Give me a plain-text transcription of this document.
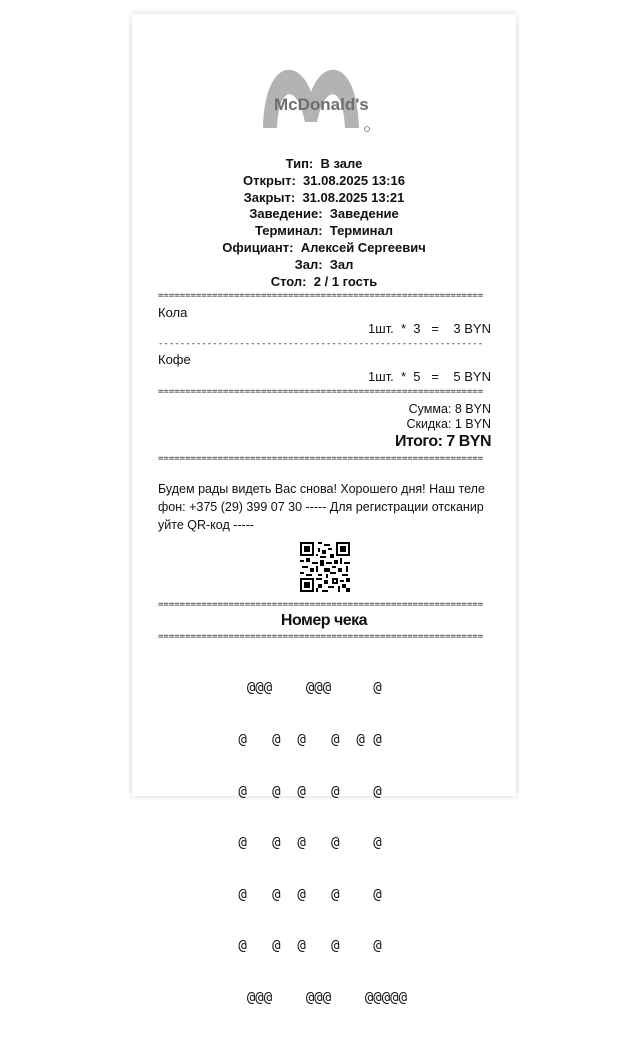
McDonald's
Тип: В зале
Открыт: 31.08.2025 13:16
Закрыт: 31.08.2025 13:21
Заведение: Заведение
Терминал: Терминал
Официант: Алексей Сергеевич
Зал: Зал
Стол: 2 / 1 гость
============================================================
Кола
1шт. * 3 = 3 BYN
------------------------------------------------------------
Кофе
1шт. * 5 = 5 BYN
============================================================
Сумма: 8 BYN
Скидка: 1 BYN
Итого: 7 BYN
============================================================
Будем рады видеть Вас снова! Хорошего дня! Наш теле фон: +375 (29) 399 07 30 ----- Для регистрации отсканир уйте QR-код -----
============================================================
Номер чека
============================================================

@@@    @@@     @

@   @  @   @  @ @

@   @  @   @    @

@   @  @   @    @

@   @  @   @    @

@   @  @   @    @

@@@    @@@    @@@@@
